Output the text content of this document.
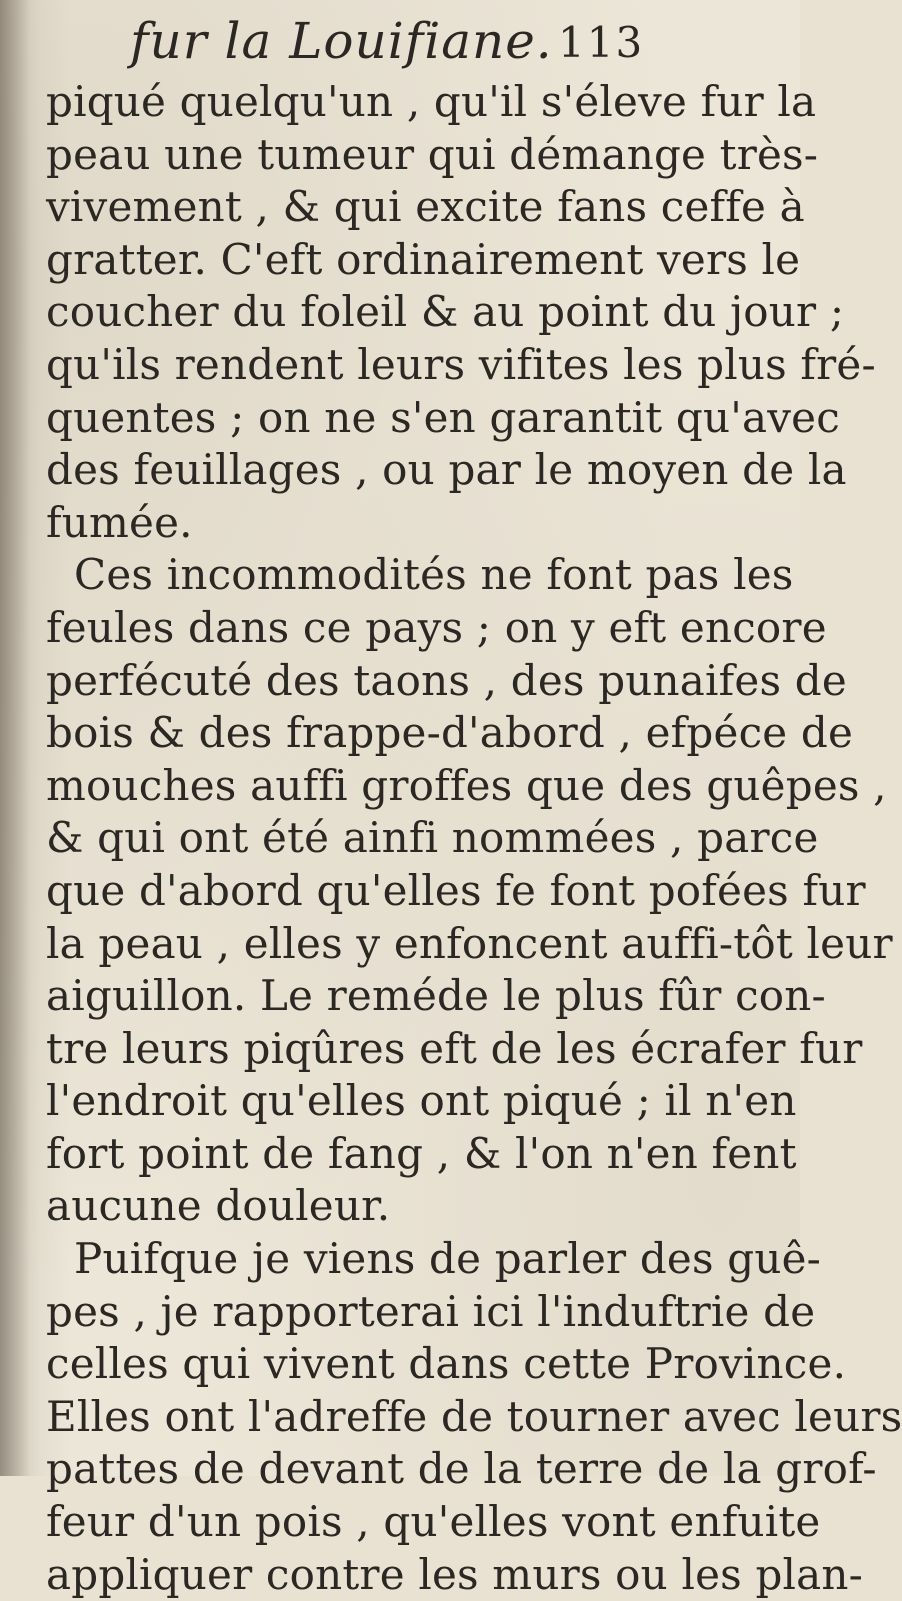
fur la Louifiane. 113
piqué quelqu'un , qu'il s'éleve fur la
peau une tumeur qui démange très-
vivement , & qui excite fans ceffe à
gratter. C'eft ordinairement vers le
coucher du foleil & au point du jour ;
qu'ils rendent leurs vifites les plus fré-
quentes ; on ne s'en garantit qu'avec
des feuillages , ou par le moyen de la
fumée.
Ces incommodités ne font pas les
feules dans ce pays ; on y eft encore
perfécuté des taons , des punaifes de
bois & des frappe-d'abord , efpéce de
mouches auffi groffes que des guêpes ,
& qui ont été ainfi nommées , parce
que d'abord qu'elles fe font pofées fur
la peau , elles y enfoncent auffi-tôt leur
aiguillon. Le reméde le plus fûr con-
tre leurs piqûres eft de les écrafer fur
l'endroit qu'elles ont piqué ; il n'en
fort point de fang , & l'on n'en fent
aucune douleur.
Puifque je viens de parler des guê-
pes , je rapporterai ici l'induftrie de
celles qui vivent dans cette Province.
Elles ont l'adreffe de tourner avec leurs
pattes de devant de la terre de la grof-
feur d'un pois , qu'elles vont enfuite
appliquer contre les murs ou les plan-
